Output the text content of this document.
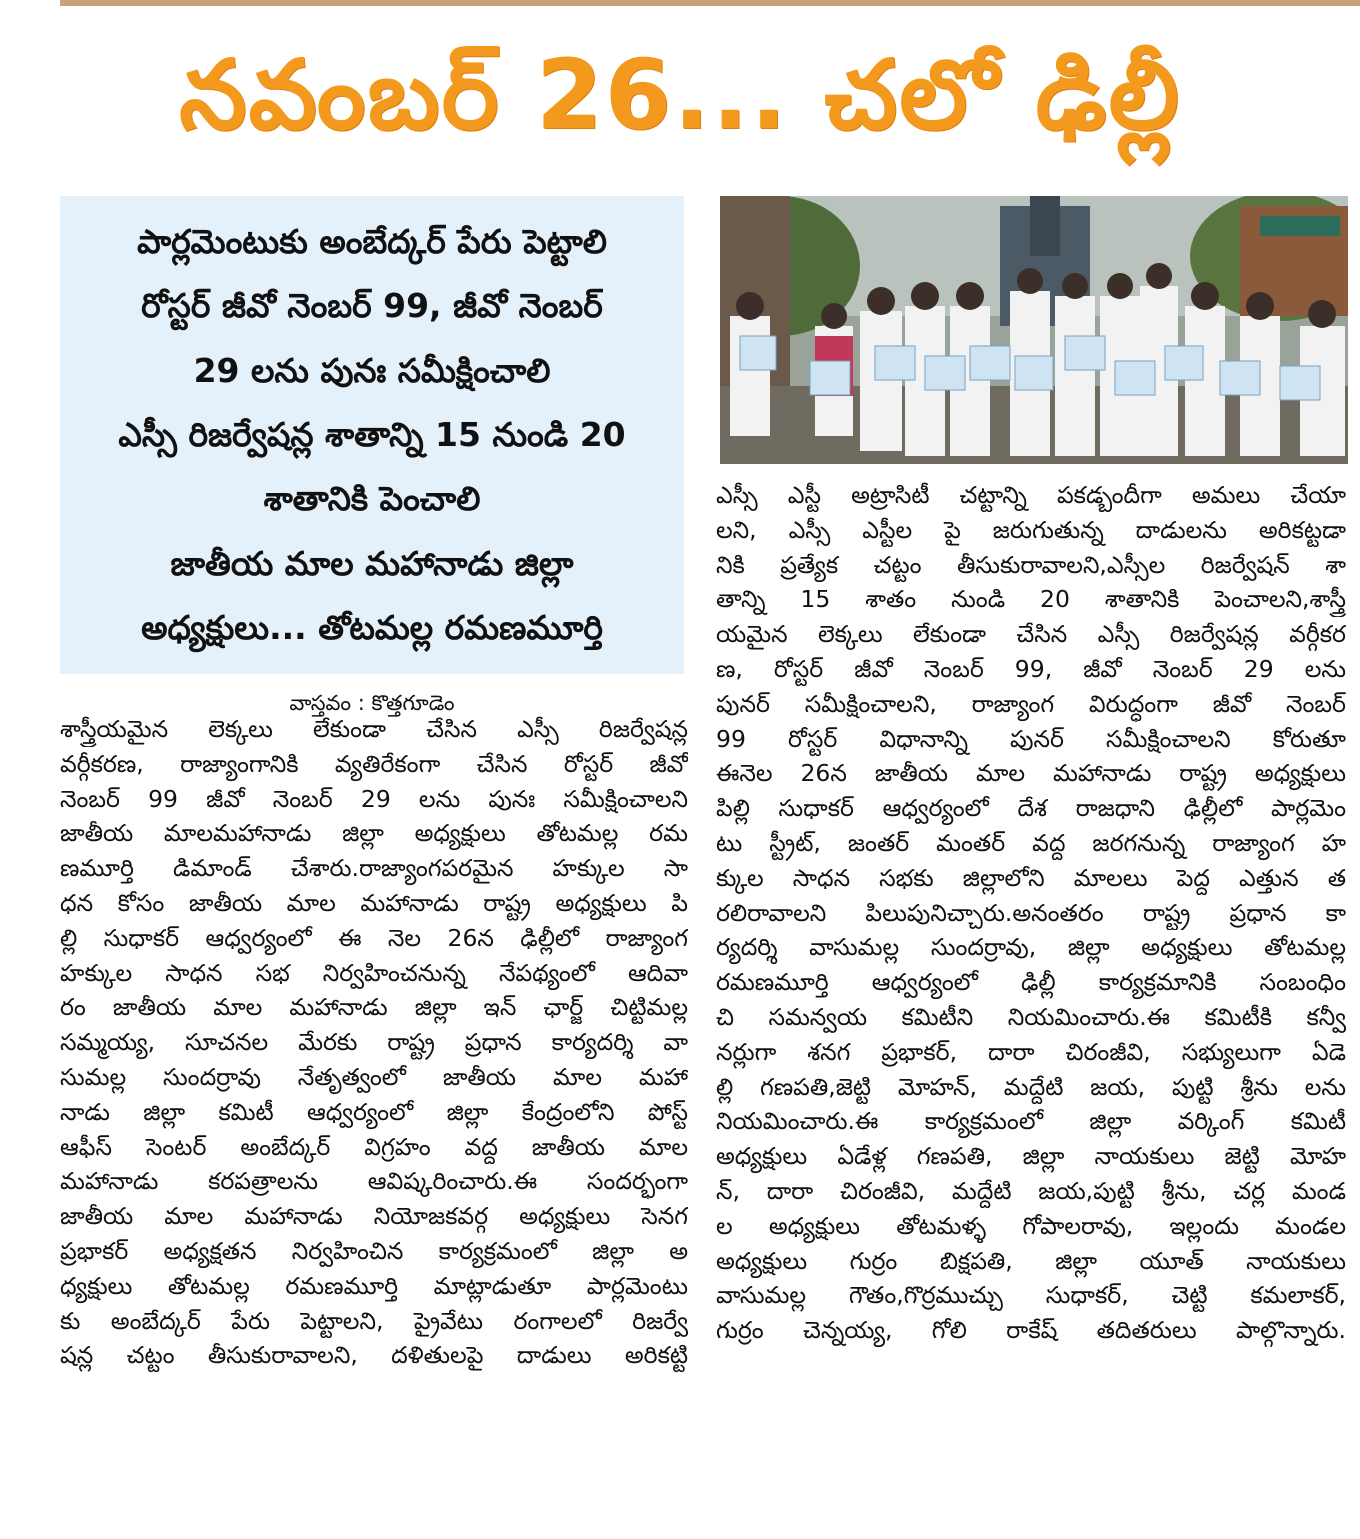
నవంబర్ 26... చలో ఢిల్లీ
పార్లమెంటుకు అంబేద్కర్ పేరు పెట్టాలి
రోస్టర్ జీవో నెంబర్ 99, జీవో నెంబర్
29 లను పునః సమీక్షించాలి
ఎస్సీ రిజర్వేషన్ల శాతాన్ని 15 నుండి 20
శాతానికి పెంచాలి
జాతీయ మాల మహానాడు జిల్లా
అధ్యక్షులు... తోటమల్ల రమణమూర్తి
వాస్తవం : కొత్తగూడెం
శాస్త్రీయమైన లెక్కలు లేకుండా చేసిన ఎస్సీ రిజర్వేషన్ల
వర్గీకరణ, రాజ్యాంగానికి వ్యతిరేకంగా చేసిన రోస్టర్ జీవో
నెంబర్ 99 జీవో నెంబర్ 29 లను పునః సమీక్షించాలని
జాతీయ మాలమహానాడు జిల్లా అధ్యక్షులు తోటమల్ల రమ
ణమూర్తి డిమాండ్ చేశారు.రాజ్యాంగపరమైన హక్కుల సా
ధన కోసం జాతీయ మాల మహానాడు రాష్ట్ర అధ్యక్షులు పి
ల్లి సుధాకర్ ఆధ్వర్యంలో ఈ నెల 26న ఢిల్లీలో రాజ్యాంగ
హక్కుల సాధన సభ నిర్వహించనున్న నేపథ్యంలో ఆదివా
రం జాతీయ మాల మహానాడు జిల్లా ఇన్ ఛార్జ్ చిట్టిమల్ల
సమ్మయ్య, సూచనల మేరకు రాష్ట్ర ప్రధాన కార్యదర్శి వా
సుమల్ల సుందర్రావు నేతృత్వంలో జాతీయ మాల మహా
నాడు జిల్లా కమిటీ ఆధ్వర్యంలో జిల్లా కేంద్రంలోని పోస్ట్
ఆఫీస్ సెంటర్ అంబేద్కర్ విగ్రహం వద్ద జాతీయ మాల
మహానాడు కరపత్రాలను ఆవిష్కరించారు.ఈ సందర్భంగా
జాతీయ మాల మహానాడు నియోజకవర్గ అధ్యక్షులు సెనగ
ప్రభాకర్ అధ్యక్షతన నిర్వహించిన కార్యక్రమంలో జిల్లా అ
ధ్యక్షులు తోటమల్ల రమణమూర్తి మాట్లాడుతూ పార్లమెంటు
కు అంబేద్కర్ పేరు పెట్టాలని, ప్రైవేటు రంగాలలో రిజర్వే
షన్ల చట్టం తీసుకురావాలని, దళితులపై దాడులు అరికట్టి
ఎస్సీ ఎస్టీ అట్రాసిటీ చట్టాన్ని పకడ్బందీగా అమలు చేయా
లని, ఎస్సీ ఎస్టీల పై జరుగుతున్న దాడులను అరికట్టడా
నికి ప్రత్యేక చట్టం తీసుకురావాలని,ఎస్సీల రిజర్వేషన్ శా
తాన్ని 15 శాతం నుండి 20 శాతానికి పెంచాలని,శాస్త్రీ
యమైన లెక్కలు లేకుండా చేసిన ఎస్సీ రిజర్వేషన్ల వర్గీకర
ణ, రోస్టర్ జీవో నెంబర్ 99, జీవో నెంబర్ 29 లను
పునర్ సమీక్షించాలని, రాజ్యాంగ విరుద్ధంగా జీవో నెంబర్
99 రోస్టర్ విధానాన్ని పునర్ సమీక్షించాలని కోరుతూ
ఈనెల 26న జాతీయ మాల మహానాడు రాష్ట్ర అధ్యక్షులు
పిల్లి సుధాకర్ ఆధ్వర్యంలో దేశ రాజధాని ఢిల్లీలో పార్లమెం
టు స్ట్రీట్, జంతర్ మంతర్ వద్ద జరగనున్న రాజ్యాంగ హ
క్కుల సాధన సభకు జిల్లాలోని మాలలు పెద్ద ఎత్తున త
రలిరావాలని పిలుపునిచ్చారు.అనంతరం రాష్ట్ర ప్రధాన కా
ర్యదర్శి వాసుమల్ల సుందర్రావు, జిల్లా అధ్యక్షులు తోటమల్ల
రమణమూర్తి ఆధ్వర్యంలో ఢిల్లీ కార్యక్రమానికి సంబంధిం
చి సమన్వయ కమిటీని నియమించారు.ఈ కమిటీకి కన్వీ
నర్లుగా శనగ ప్రభాకర్, దారా చిరంజీవి, సభ్యులుగా ఏడె
ల్లి గణపతి,జెట్టి మోహన్, మద్దేటి జయ, పుట్టి శ్రీను లను
నియమించారు.ఈ కార్యక్రమంలో జిల్లా వర్కింగ్ కమిటీ
అధ్యక్షులు ఏడేళ్ల గణపతి, జిల్లా నాయకులు జెట్టి మోహ
న్, దారా చిరంజీవి, మద్దేటి జయ,పుట్టి శ్రీను, చర్ల మండ
ల అధ్యక్షులు తోటమళ్ళ గోపాలరావు, ఇల్లందు మండల
అధ్యక్షులు గుర్రం బిక్షపతి, జిల్లా యూత్ నాయకులు
వాసుమల్ల గౌతం,గొర్రముచ్చు సుధాకర్, చెట్టి కమలాకర్,
గుర్రం చెన్నయ్య, గోలి రాకేష్ తదితరులు పాల్గొన్నారు.
